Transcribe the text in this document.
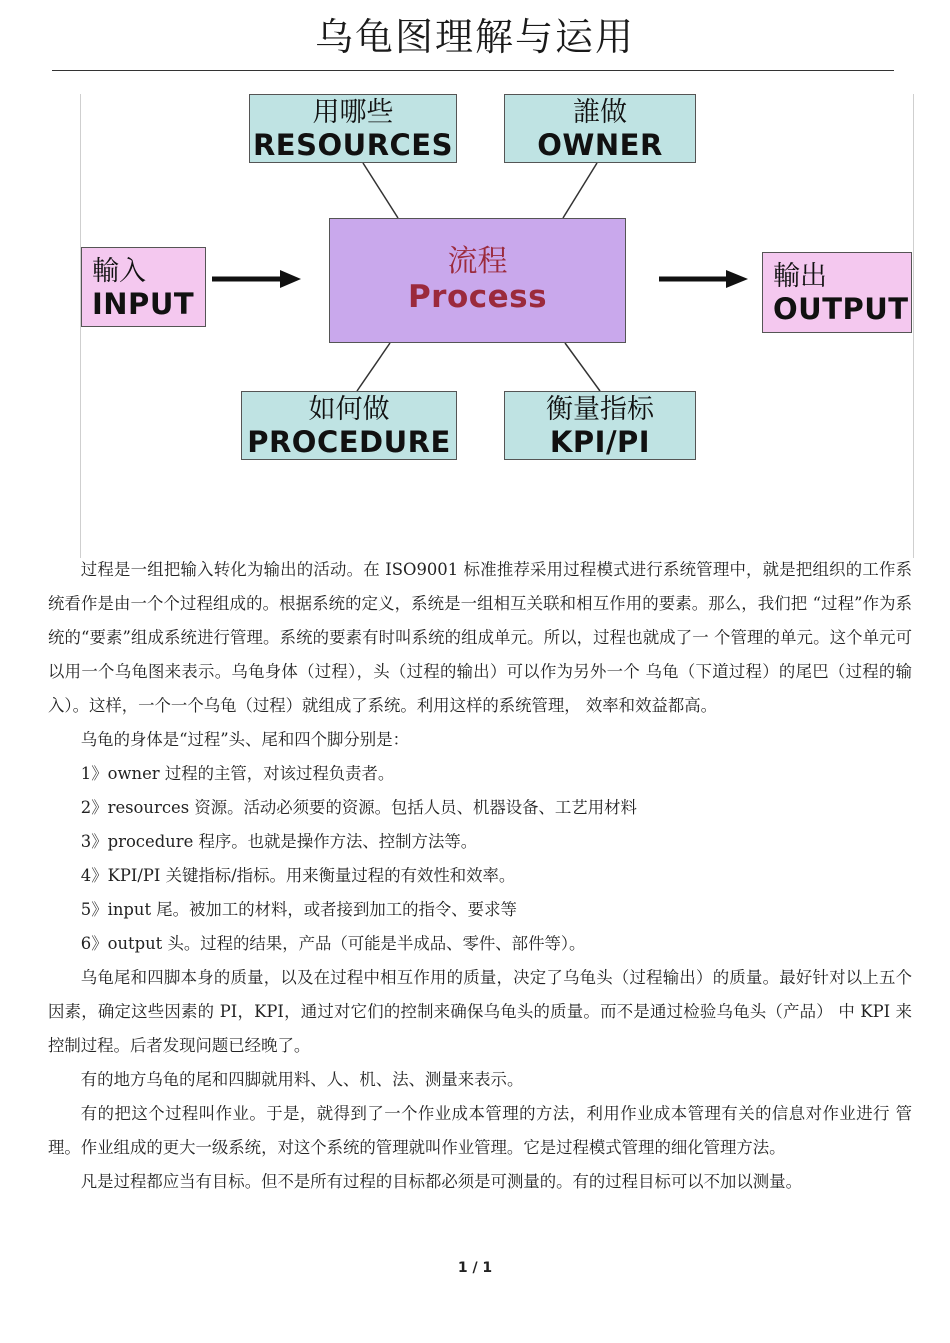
乌龟图理解与运用
用哪些
RESOURCES
誰做
OWNER
輸入
INPUT
流程
Process
輸出
OUTPUT
如何做
PROCEDURE
衡量指标
KPI/PI

过程是一组把输入转化为输出的活动。在 ISO9001 标准推荐采用过程模式进行系统管理中，就是把组织的工作系统看作是由一个个过程组成的。根据系统的定义，系统是一组相互关联和相互作用的要素。那么，我们把 “过程”作为系统的“要素”组成系统进行管理。系统的要素有时叫系统的组成单元。所以，过程也就成了一 个管理的单元。这个单元可以用一个乌龟图来表示。乌龟身体（过程），头（过程的输出）可以作为另外一个 乌龟（下道过程）的尾巴（过程的输入）。这样，一个一个乌龟（过程）就组成了系统。利用这样的系统管理， 效率和效益都高。

乌龟的身体是“过程”头、尾和四个脚分别是：

1》owner 过程的主管，对该过程负责者。

2》resources 资源。活动必须要的资源。包括人员、机器设备、工艺用材料

3》procedure 程序。也就是操作方法、控制方法等。

4》KPI/PI 关键指标/指标。用来衡量过程的有效性和效率。

5》input 尾。被加工的材料，或者接到加工的指令、要求等

6》output 头。过程的结果，产品（可能是半成品、零件、部件等）。

乌龟尾和四脚本身的质量，以及在过程中相互作用的质量，决定了乌龟头（过程输出）的质量。最好针对以上五个因素，确定这些因素的 PI，KPI，通过对它们的控制来确保乌龟头的质量。而不是通过检验乌龟头（产品） 中 KPI 来控制过程。后者发现问题已经晚了。

有的地方乌龟的尾和四脚就用料、人、机、法、测量来表示。

有的把这个过程叫作业。于是，就得到了一个作业成本管理的方法，利用作业成本管理有关的信息对作业进行 管理。作业组成的更大一级系统，对这个系统的管理就叫作业管理。它是过程模式管理的细化管理方法。

凡是过程都应当有目标。但不是所有过程的目标都必须是可测量的。有的过程目标可以不加以测量。

1 / 1
